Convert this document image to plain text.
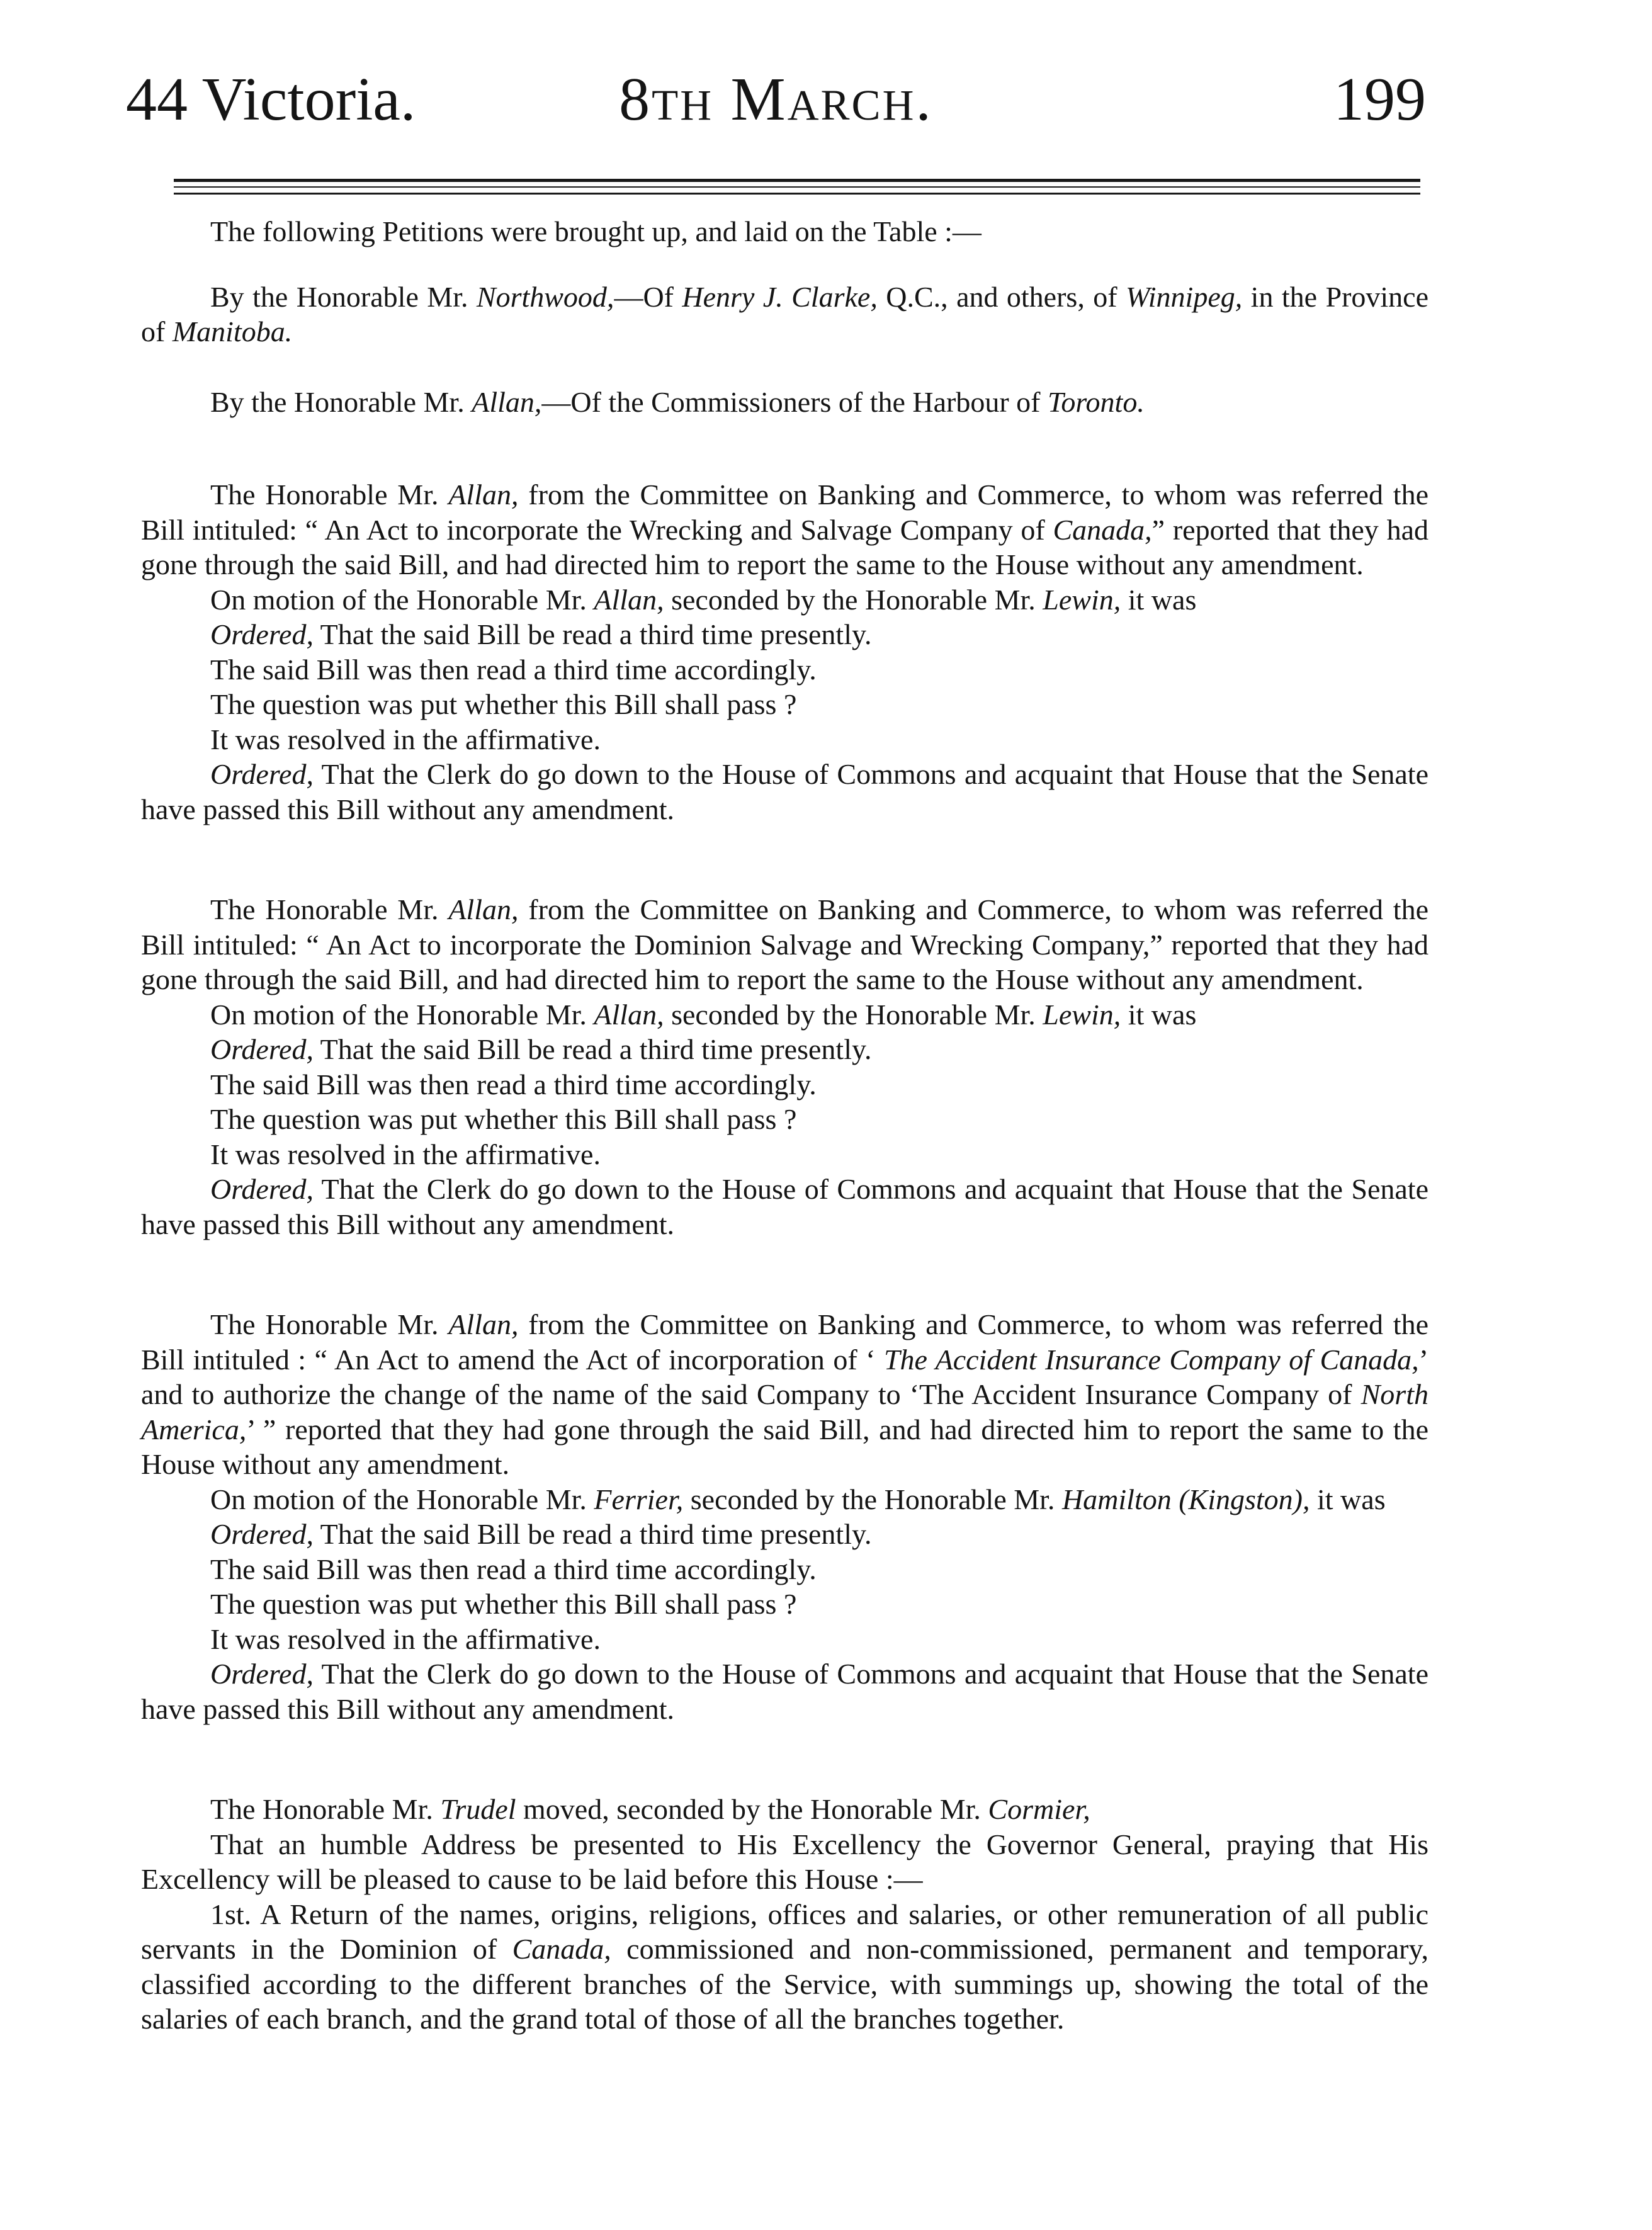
44 Victoria.	8th March.	199

The following Petitions were brought up, and laid on the Table :—

By the Honorable Mr. Northwood,—Of Henry J. Clarke, Q.C., and others, of Winnipeg, in the Province of Manitoba.

By the Honorable Mr. Allan,—Of the Commissioners of the Harbour of Toronto.

The Honorable Mr. Allan, from the Committee on Banking and Commerce, to whom was referred the Bill intituled: “ An Act to incorporate the Wrecking and Salvage Company of Canada,” reported that they had gone through the said Bill, and had directed him to report the same to the House without any amendment.

On motion of the Honorable Mr. Allan, seconded by the Honorable Mr. Lewin, it was

Ordered, That the said Bill be read a third time presently.

The said Bill was then read a third time accordingly.

The question was put whether this Bill shall pass ?

It was resolved in the affirmative.

Ordered, That the Clerk do go down to the House of Commons and acquaint that House that the Senate have passed this Bill without any amendment.

The Honorable Mr. Allan, from the Committee on Banking and Commerce, to whom was referred the Bill intituled: “ An Act to incorporate the Dominion Salvage and Wrecking Company,” reported that they had gone through the said Bill, and had directed him to report the same to the House without any amendment.

On motion of the Honorable Mr. Allan, seconded by the Honorable Mr. Lewin, it was

Ordered, That the said Bill be read a third time presently.

The said Bill was then read a third time accordingly.

The question was put whether this Bill shall pass ?

It was resolved in the affirmative.

Ordered, That the Clerk do go down to the House of Commons and acquaint that House that the Senate have passed this Bill without any amendment.

The Honorable Mr. Allan, from the Committee on Banking and Commerce, to whom was referred the Bill intituled : “ An Act to amend the Act of incorporation of ‘ The Accident Insurance Company of Canada,’ and to authorize the change of the name of the said Company to ‘The Accident Insurance Company of North America,’ ” reported that they had gone through the said Bill, and had directed him to report the same to the House without any amendment.

On motion of the Honorable Mr. Ferrier, seconded by the Honorable Mr. Hamilton (Kingston), it was

Ordered, That the said Bill be read a third time presently.

The said Bill was then read a third time accordingly.

The question was put whether this Bill shall pass ?

It was resolved in the affirmative.

Ordered, That the Clerk do go down to the House of Commons and acquaint that House that the Senate have passed this Bill without any amendment.

The Honorable Mr. Trudel moved, seconded by the Honorable Mr. Cormier,

That an humble Address be presented to His Excellency the Governor General, praying that His Excellency will be pleased to cause to be laid before this House :—

1st. A Return of the names, origins, religions, offices and salaries, or other remuneration of all public servants in the Dominion of Canada, commissioned and non-commissioned, permanent and temporary, classified according to the different branches of the Service, with summings up, showing the total of the salaries of each branch, and the grand total of those of all the branches together.
